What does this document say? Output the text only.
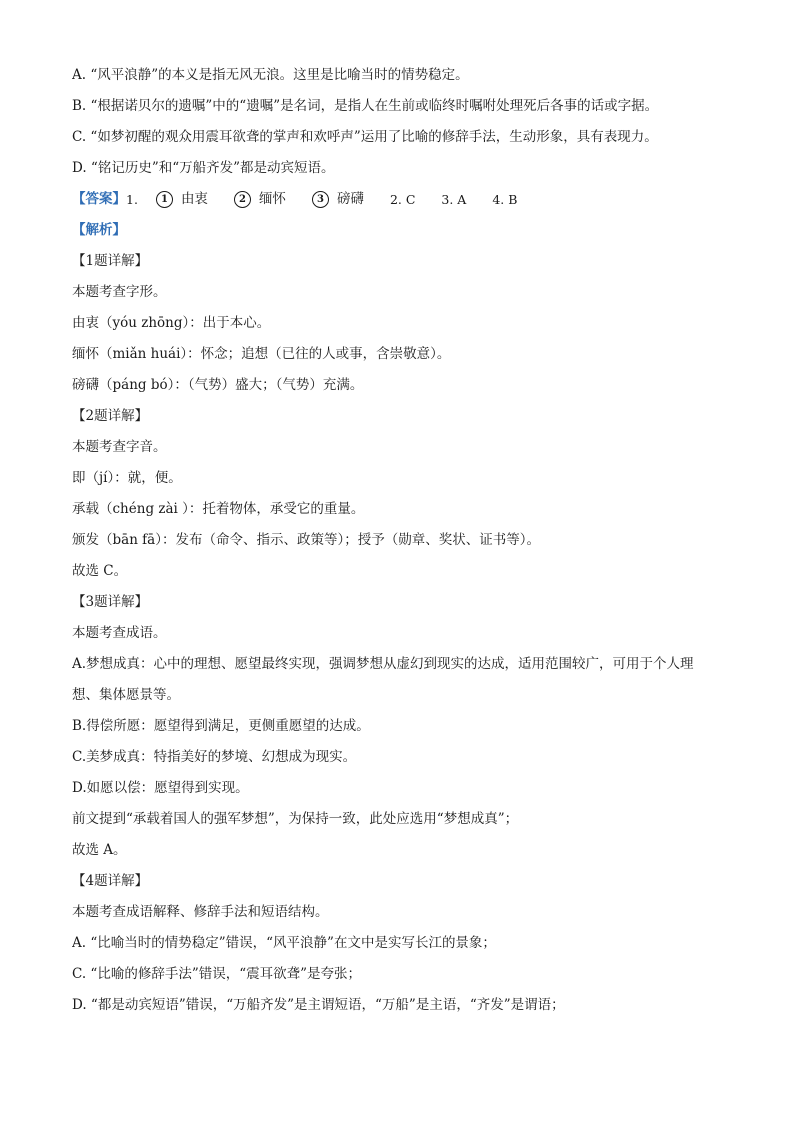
A. “风平浪静”的本义是指无风无浪。这里是比喻当时的情势稳定。
B. “根据诺贝尔的遗嘱”中的“遗嘱”是名词，是指人在生前或临终时嘱咐处理死后各事的话或字据。
C. “如梦初醒的观众用震耳欲聋的掌声和欢呼声”运用了比喻的修辞手法，生动形象，具有表现力。
D. “铭记历史”和“万船齐发”都是动宾短语。
【答案】 1.	1 由衷	2 缅怀	3 磅礴 2. C 3. A 4. B
【解析】
【1题详解】
本题考查字形。
由衷（yóu zhōng）：出于本心。
缅怀（miǎn huái）：怀念；追想（已往的人或事，含崇敬意）。
磅礴（páng bó）：（气势）盛大；（气势）充满。
【2题详解】
本题考查字音。
即（jí）：就，便。
承载（chéng zài ）：托着物体，承受它的重量。
颁发（bān fā）：发布（命令、指示、政策等）；授予（勋章、奖状、证书等）。
故选 C。
【3题详解】
本题考查成语。
A.梦想成真：心中的理想、愿望最终实现，强调梦想从虚幻到现实的达成，适用范围较广，可用于个人理
想、集体愿景等。
B.得偿所愿：愿望得到满足，更侧重愿望的达成。
C.美梦成真：特指美好的梦境、幻想成为现实。
D.如愿以偿：愿望得到实现。
前文提到“承载着国人的强军梦想”，为保持一致，此处应选用“梦想成真”；
故选 A。
【4题详解】
本题考查成语解释、修辞手法和短语结构。
A. “比喻当时的情势稳定”错误，“风平浪静”在文中是实写长江的景象；
C. “比喻的修辞手法”错误，“震耳欲聋”是夸张；
D. “都是动宾短语”错误，“万船齐发”是主谓短语，“万船”是主语，“齐发”是谓语；
